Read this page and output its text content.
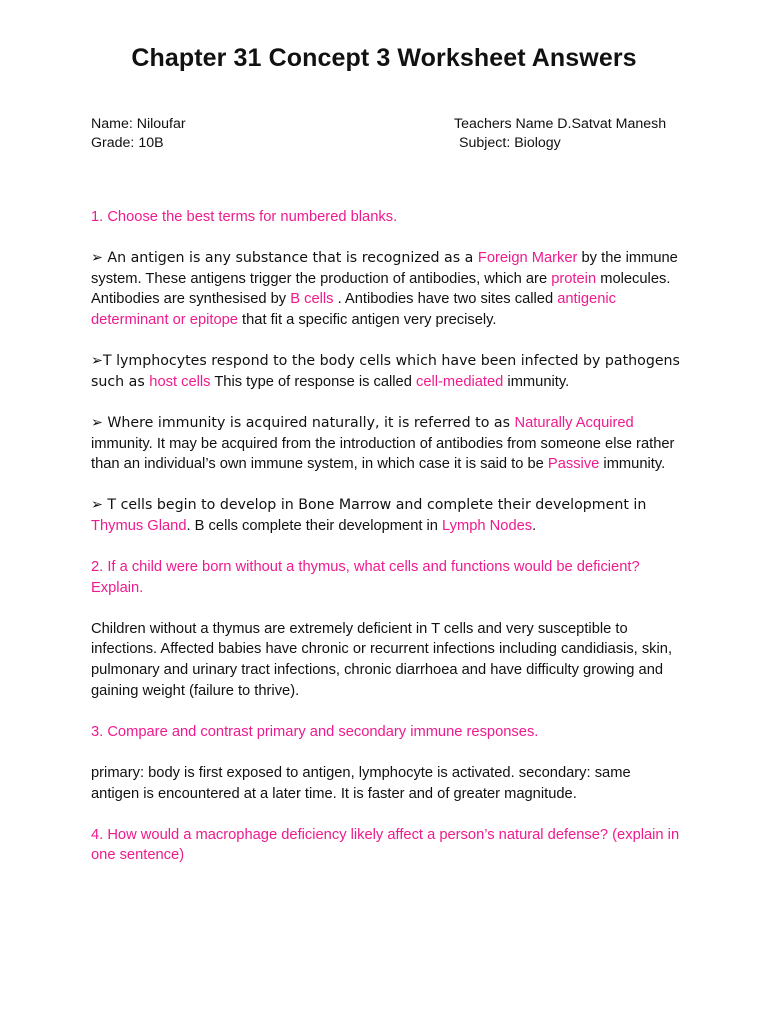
Chapter 31 Concept 3 Worksheet Answers
Name: Niloufar
Grade: 10B
Teachers Name D.Satvat Manesh
Subject: Biology

1. Choose the best terms for numbered blanks.

➢ An antigen is any substance that is recognized as a Foreign Marker by the immune system. These antigens trigger the production of antibodies, which are protein molecules. Antibodies are synthesised by B cells . Antibodies have two sites called antigenic determinant or epitope that fit a specific antigen very precisely.

➢T lymphocytes respond to the body cells which have been infected by pathogens such as host cells This type of response is called cell-mediated immunity.

➢ Where immunity is acquired naturally, it is referred to as Naturally Acquired immunity. It may be acquired from the introduction of antibodies from someone else rather than an individual’s own immune system, in which case it is said to be Passive immunity.

➢ T cells begin to develop in Bone Marrow and complete their development in Thymus Gland. B cells complete their development in Lymph Nodes.

2. If a child were born without a thymus, what cells and functions would be deficient? Explain.

Children without a thymus are extremely deficient in T cells and very susceptible to infections. Affected babies have chronic or recurrent infections including candidiasis, skin, pulmonary and urinary tract infections, chronic diarrhoea and have difficulty growing and gaining weight (failure to thrive).

3. Compare and contrast primary and secondary immune responses.

primary: body is first exposed to antigen, lymphocyte is activated. secondary: same antigen is encountered at a later time. It is faster and of greater magnitude.

4. How would a macrophage deficiency likely affect a person’s natural defense? (explain in one sentence)
